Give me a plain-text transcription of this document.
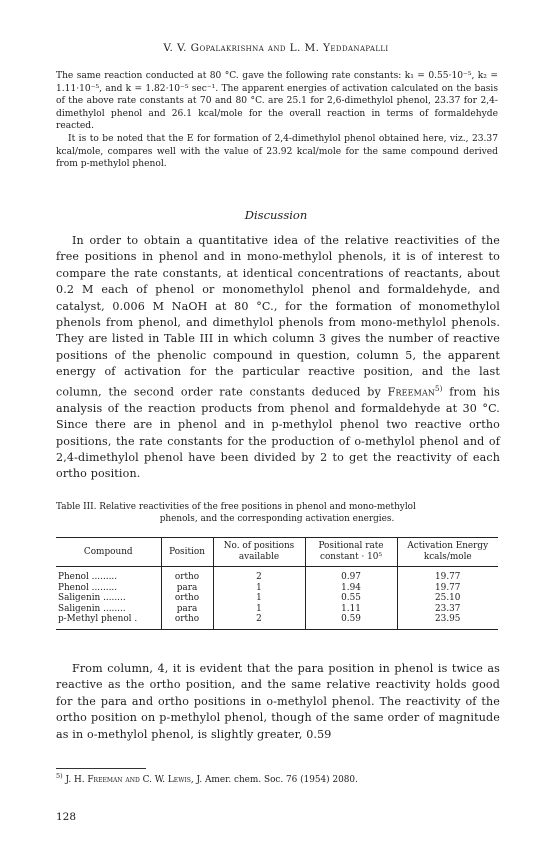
V. V. Gopalakrishna and L. M. Yeddanapalli

The same reaction conducted at 80 °C. gave the following rate constants: k₁ = 0.55·10⁻⁵, k₂ = 1.11·10⁻⁵, and k = 1.82·10⁻⁵ sec⁻¹. The apparent energies of activation calculated on the basis of the above rate constants at 70 and 80 °C. are 25.1 for 2,6-dimethylol phenol, 23.37 for 2,4-dimethylol phenol and 26.1 kcal/mole for the overall reaction in terms of formaldehyde reacted.

It is to be noted that the E for formation of 2,4-dimethylol phenol obtained here, viz., 23.37 kcal/mole, compares well with the value of 23.92 kcal/mole for the same compound derived from p-methylol phenol.

Discussion

In order to obtain a quantitative idea of the relative reactivities of the free positions in phenol and in mono-methylol phenols, it is of interest to compare the rate constants, at identical concentrations of reactants, about 0.2 M each of phenol or monomethylol phenol and formaldehyde, and catalyst, 0.006 M NaOH at 80 °C., for the formation of monomethylol phenols from phenol, and dimethylol phenols from mono-methylol phenols. They are listed in Table III in which column 3 gives the number of reactive positions of the phenolic compound in question, column 5, the apparent energy of activation for the particular reactive position, and the last column, the second order rate constants deduced by Freeman$^{5)}$ from his analysis of the reaction products from phenol and formaldehyde at 30 °C. Since there are in phenol and in p-methylol phenol two reactive ortho positions, the rate constants for the production of o-methylol phenol and of 2,4-dimethylol phenol have been divided by 2 to get the reactivity of each ortho position.

Table III. Relative reactivities of the free positions in phenol and mono-methylol
phenols, and the corresponding activation energies.
Compound	Position	No. of positions available	Positional rate constant · 10⁵	Activation Energy kcals/mole
Phenol .........	ortho	2	0.97	19.77
Phenol .........	para	1	1.94	19.77
Saligenin ........	ortho	1	0.55	25.10
Saligenin ........	para	1	1.11	23.37
p-Methyl phenol .	ortho	2	0.59	23.95

From column, 4, it is evident that the para position in phenol is twice as reactive as the ortho position, and the same relative reactivity holds good for the para and ortho positions in o-methylol phenol. The reactivity of the ortho position on p-methylol phenol, though of the same order of magnitude as in o-methylol phenol, is slightly greater, 0.59

$^{5)}$ J. H. Freeman and C. W. Lewis, J. Amer. chem. Soc. 76 (1954) 2080.

128
